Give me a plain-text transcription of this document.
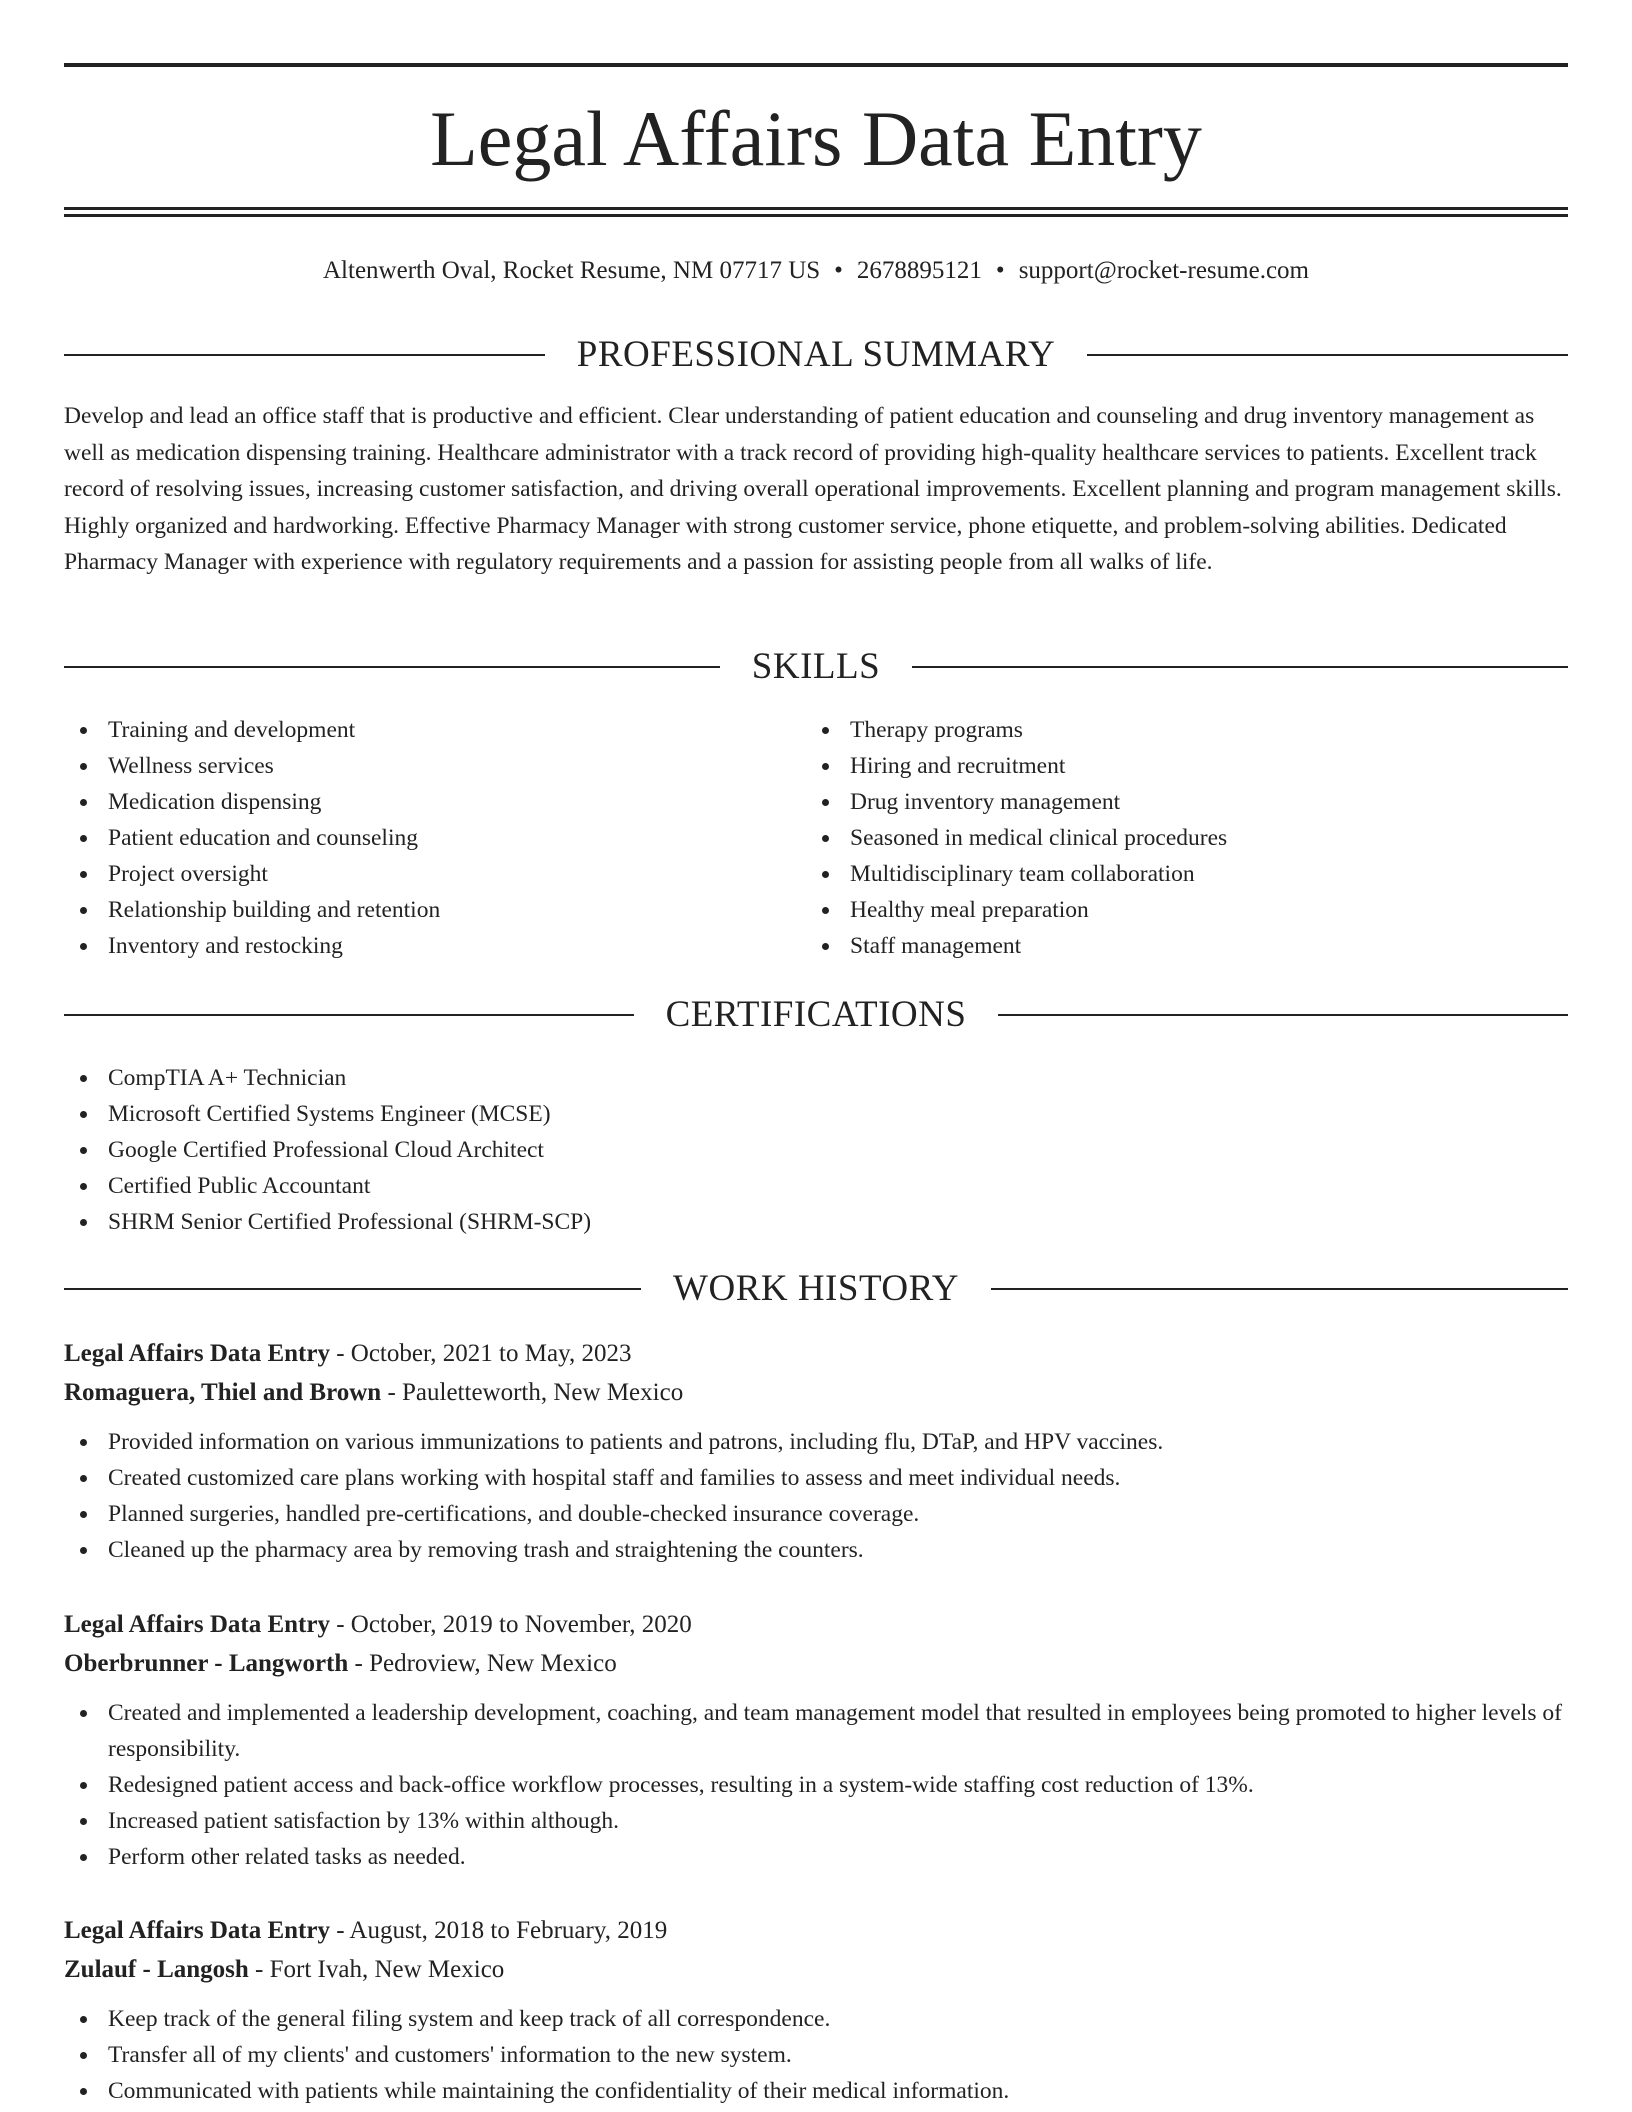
Legal Affairs Data Entry
Altenwerth Oval, Rocket Resume, NM 07717 US • 2678895121 • support@rocket-resume.com
PROFESSIONAL SUMMARY
Develop and lead an office staff that is productive and efficient. Clear understanding of patient education and counseling and drug inventory management as well as medication dispensing training. Healthcare administrator with a track record of providing high-quality healthcare services to patients. Excellent track record of resolving issues, increasing customer satisfaction, and driving overall operational improvements. Excellent planning and program management skills. Highly organized and hardworking. Effective Pharmacy Manager with strong customer service, phone etiquette, and problem-solving abilities. Dedicated Pharmacy Manager with experience with regulatory requirements and a passion for assisting people from all walks of life.
SKILLS
Training and development
Wellness services
Medication dispensing
Patient education and counseling
Project oversight
Relationship building and retention
Inventory and restocking
Therapy programs
Hiring and recruitment
Drug inventory management
Seasoned in medical clinical procedures
Multidisciplinary team collaboration
Healthy meal preparation
Staff management
CERTIFICATIONS
CompTIA A+ Technician
Microsoft Certified Systems Engineer (MCSE)
Google Certified Professional Cloud Architect
Certified Public Accountant
SHRM Senior Certified Professional (SHRM-SCP)
WORK HISTORY
Legal Affairs Data Entry - October, 2021 to May, 2023
Romaguera, Thiel and Brown - Pauletteworth, New Mexico
Provided information on various immunizations to patients and patrons, including flu, DTaP, and HPV vaccines.
Created customized care plans working with hospital staff and families to assess and meet individual needs.
Planned surgeries, handled pre-certifications, and double-checked insurance coverage.
Cleaned up the pharmacy area by removing trash and straightening the counters.
Legal Affairs Data Entry - October, 2019 to November, 2020
Oberbrunner - Langworth - Pedroview, New Mexico
Created and implemented a leadership development, coaching, and team management model that resulted in employees being promoted to higher levels of responsibility.
Redesigned patient access and back-office workflow processes, resulting in a system-wide staffing cost reduction of 13%.
Increased patient satisfaction by 13% within although.
Perform other related tasks as needed.
Legal Affairs Data Entry - August, 2018 to February, 2019
Zulauf - Langosh - Fort Ivah, New Mexico
Keep track of the general filing system and keep track of all correspondence.
Transfer all of my clients' and customers' information to the new system.
Communicated with patients while maintaining the confidentiality of their medical information.
